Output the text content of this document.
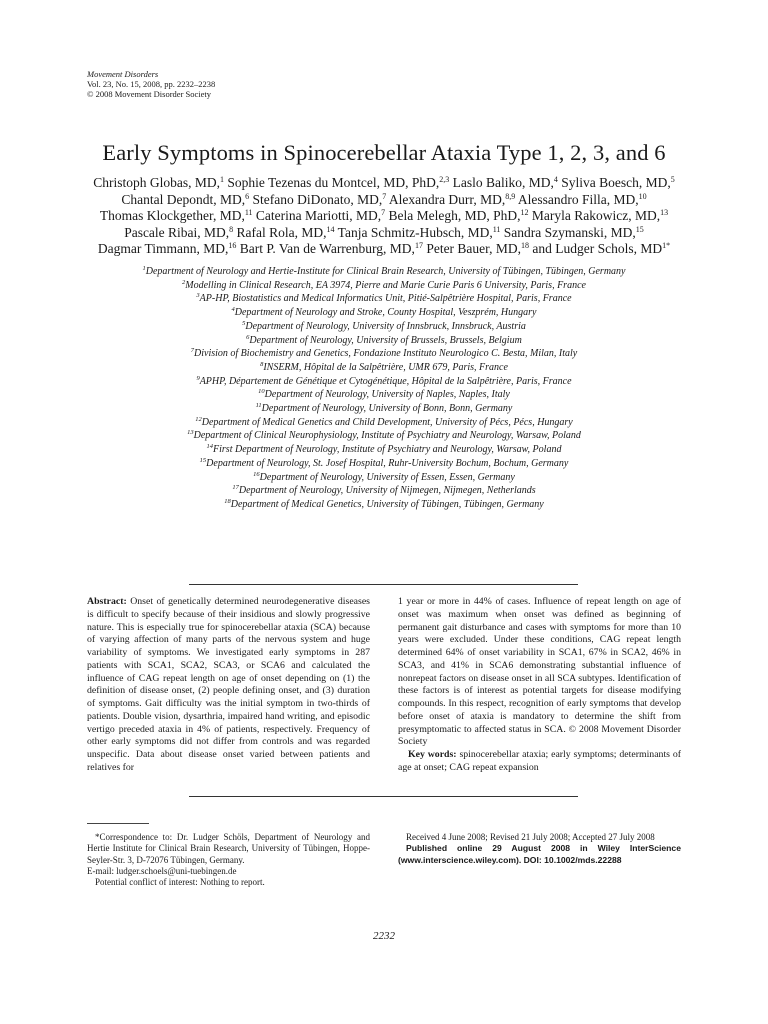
Movement Disorders
Vol. 23, No. 15, 2008, pp. 2232–2238
© 2008 Movement Disorder Society
Early Symptoms in Spinocerebellar Ataxia Type 1, 2, 3, and 6
Christoph Globas, MD,$^1$ Sophie Tezenas du Montcel, MD, PhD,$^{2,3}$ Laslo Baliko, MD,$^4$ Syliva Boesch, MD,$^5$
Chantal Depondt, MD,$^6$ Stefano DiDonato, MD,$^7$ Alexandra Durr, MD,$^{8,9}$ Alessandro Filla, MD,$^{10}$
Thomas Klockgether, MD,$^{11}$ Caterina Mariotti, MD,$^7$ Bela Melegh, MD, PhD,$^{12}$ Maryla Rakowicz, MD,$^{13}$
Pascale Ribai, MD,$^8$ Rafal Rola, MD,$^{14}$ Tanja Schmitz-Hubsch, MD,$^{11}$ Sandra Szymanski, MD,$^{15}$
Dagmar Timmann, MD,$^{16}$ Bart P. Van de Warrenburg, MD,$^{17}$ Peter Bauer, MD,$^{18}$ and Ludger Schols, $MD^{1*}$
$^1$Department of Neurology and Hertie-Institute for Clinical Brain Research, University of Tübingen, Tübingen, Germany
$^2$Modelling in Clinical Research, EA 3974, Pierre and Marie Curie Paris 6 University, Paris, France
$^3$AP-HP, Biostatistics and Medical Informatics Unit, Pitié-Salpêtrière Hospital, Paris, France
$^4$Department of Neurology and Stroke, County Hospital, Veszprém, Hungary
$^5$Department of Neurology, University of Innsbruck, Innsbruck, Austria
$^6$Department of Neurology, University of Brussels, Brussels, Belgium
$^7$Division of Biochemistry and Genetics, Fondazione Instituto Neurologico C. Besta, Milan, Italy
$^8$INSERM, Hôpital de la Salpêtrière, UMR 679, Paris, France
$^9$APHP, Département de Génétique et Cytogénétique, Hôpital de la Salpêtrière, Paris, France
$^{10}$Department of Neurology, University of Naples, Naples, Italy
$^{11}$Department of Neurology, University of Bonn, Bonn, Germany
$^{12}$Department of Medical Genetics and Child Development, University of Pécs, Pécs, Hungary
$^{13}$Department of Clinical Neurophysiology, Institute of Psychiatry and Neurology, Warsaw, Poland
$^{14}$First Department of Neurology, Institute of Psychiatry and Neurology, Warsaw, Poland
$^{15}$Department of Neurology, St. Josef Hospital, Ruhr-University Bochum, Bochum, Germany
$^{16}$Department of Neurology, University of Essen, Essen, Germany
$^{17}$Department of Neurology, University of Nijmegen, Nijmegen, Netherlands
$^{18}$Department of Medical Genetics, University of Tübingen, Tübingen, Germany
Abstract: Onset of genetically determined neurodegenerative diseases is difficult to specify because of their insidious and slowly progressive nature. This is especially true for spinocerebellar ataxia (SCA) because of varying affection of many parts of the nervous system and huge variability of symptoms. We investigated early symptoms in 287 patients with SCA1, SCA2, SCA3, or SCA6 and calculated the influence of CAG repeat length on age of onset depending on (1) the definition of disease onset, (2) people defining onset, and (3) duration of symptoms. Gait difficulty was the initial symptom in two-thirds of patients. Double vision, dysarthria, impaired hand writing, and episodic vertigo preceded ataxia in 4% of patients, respectively. Frequency of other early symptoms did not differ from controls and was regarded unspecific. Data about disease onset varied between patients and relatives for
1 year or more in 44% of cases. Influence of repeat length on age of onset was maximum when onset was defined as beginning of permanent gait disturbance and cases with symptoms for more than 10 years were excluded. Under these conditions, CAG repeat length determined 64% of onset variability in SCA1, 67% in SCA2, 46% in SCA3, and 41% in SCA6 demonstrating substantial influence of nonrepeat factors on disease onset in all SCA subtypes. Identification of these factors is of interest as potential targets for disease modifying compounds. In this respect, recognition of early symptoms that develop before onset of ataxia is mandatory to determine the shift from presymptomatic to affected status in SCA. © 2008 Movement Disorder Society
Key words: spinocerebellar ataxia; early symptoms; determinants of age at onset; CAG repeat expansion

*Correspondence to: Dr. Ludger Schöls, Department of Neurology and Hertie Institute for Clinical Brain Research, University of Tübingen, Hoppe-Seyler-Str. 3, D-72076 Tübingen, Germany.

E-mail: ludger.schoels@uni-tuebingen.de

Potential conflict of interest: Nothing to report.

Received 4 June 2008; Revised 21 July 2008; Accepted 27 July 2008

Published online 29 August 2008 in Wiley InterScience (www.interscience.wiley.com). DOI: 10.1002/mds.22288

2232
